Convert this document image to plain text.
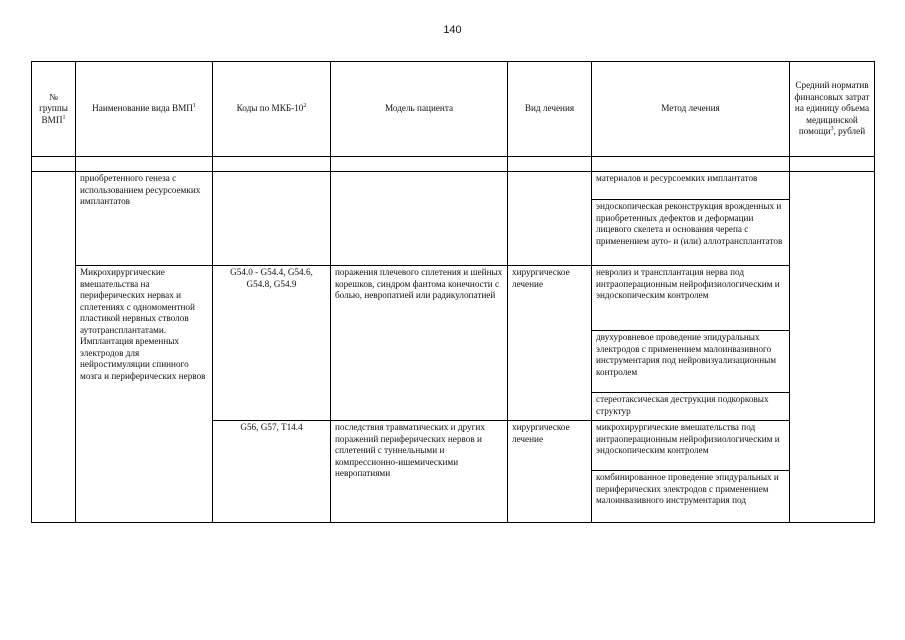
140
№ группы ВМП$^1$	Наименование вида ВМП$^1$	Коды по МКБ-$10^2$	Модель пациента	Вид лечения	Метод лечения	Средний норматив финансовых затрат на единицу объема медицинской помощи$^3$, рублей

	приобретенного генеза с использованием ресурсоемких имплантатов				материалов и ресурсоемких имплантатов	
					эндоскопическая реконструкция врожденных и приобретенных дефектов и деформации лицевого скелета и основания черепа с применением ауто- и (или) аллотрансплантатов	
	Микрохирургические вмешательства на периферических нервах и сплетениях с одномоментной пластикой нервных стволов аутотрансплантатами. Имплантация временных электродов для нейростимуляции спинного мозга и периферических нервов	G54.0 - G54.4, G54.6, G54.8, G54.9	поражения плечевого сплетения и шейных корешков, синдром фантома конечности с болью, невропатией или радикулопатией	хирургическое лечение	невролиз и трансплантация нерва под интраоперационным нейрофизиологическим и эндоскопическим контролем	
					двухуровневое проведение эпидуральных электродов с применением малоинвазивного инструментария под нейровизуализационным контролем	
					стереотаксическая деструкция подкорковых структур	
		G56, G57, T14.4	последствия травматических и других поражений периферических нервов и сплетений с туннельными и компрессионно-ишемическими невропатиями	хирургическое лечение	микрохирургические вмешательства под интраоперационным нейрофизиологическим и эндоскопическим контролем	
					комбинированное проведение эпидуральных и периферических электродов с применением малоинвазивного инструментария под	
